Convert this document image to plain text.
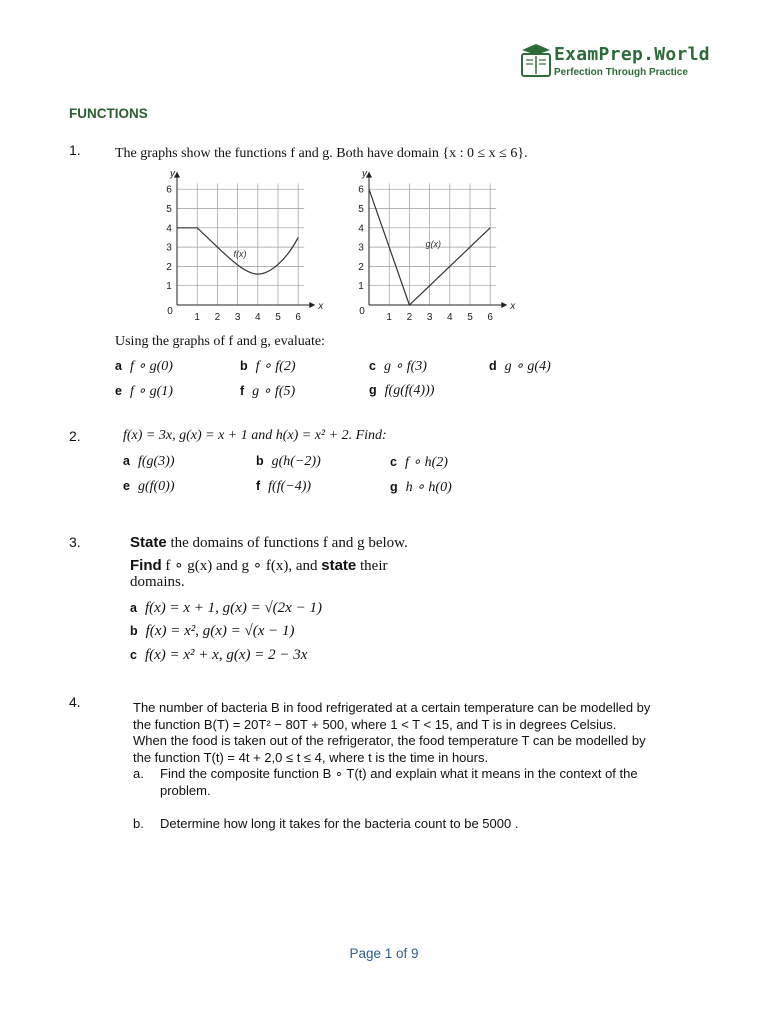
ExamPrep.World
Perfection Through Practice
FUNCTIONS
1. The graphs show the functions f and g. Both have domain {x : 0 ≤ x ≤ 6}.
1 2 3 4 5 6
1
2
3
4
5
6
0	x
y
f(x)
1 2 3 4 5 6
1
2
3
4
5
6
0	x
y
g(x)
Using the graphs of f and g, evaluate:
a f ∘ g(0)	b f ∘ f(2)	c g ∘ f(3)	d g ∘ g(4)
e f ∘ g(1)	f g ∘ f(5)	g f(g(f(4)))
2.	f(x) = 3x, g(x) = x + 1 and h(x) = x² + 2. Find:
a f(g(3))	b g(h(−2))	c f ∘ h(2)
e g(f(0))	f f(f(−4))	g h ∘ h(0)
3.	State the domains of functions f and g below.
Find f ∘ g(x) and g ∘ f(x), and state their
domains.
a f(x) = x + 1, g(x) = √(2x − 1)
b f(x) = x², g(x) = √(x − 1)
c f(x) = x² + x, g(x) = 2 − 3x
4.	The number of bacteria B in food refrigerated at a certain temperature can be modelled by the function B(T) = 20T² − 80T + 500, where 1 < T < 15, and T is in degrees Celsius. When the food is taken out of the refrigerator, the food temperature T can be modelled by the function T(t) = 4t + 2,0 ≤ t ≤ 4, where t is the time in hours.

a.	Find the composite function B ∘ T(t) and explain what it means in the context of the problem.
b.	Determine how long it takes for the bacteria count to be 5000 .
Page 1 of 9
